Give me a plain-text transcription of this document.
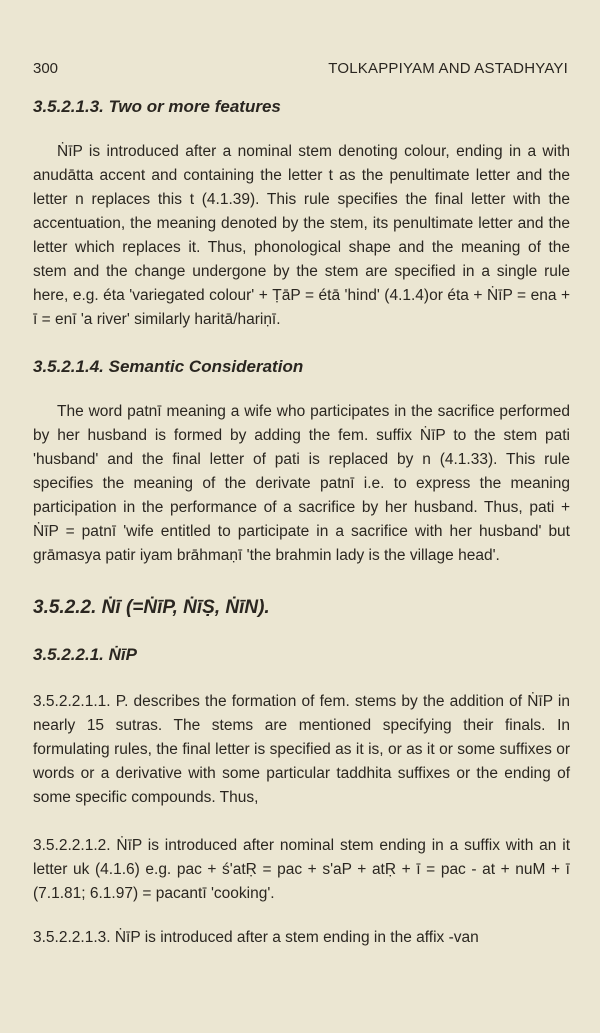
300	TOLKAPPIYAM AND ASTADHYAYI
3.5.2.1.3. Two or more features

ṄīP is introduced after a nominal stem denoting colour, ending in a with anudātta accent and containing the letter t as the penultimate letter and the letter n replaces this t (4.1.39). This rule specifies the final letter with the accentuation, the meaning denoted by the stem, its penultimate letter and the letter which replaces it. Thus, phonological shape and the meaning of the stem and the change undergone by the stem are specified in a single rule here, e.g. éta 'variegated colour' + ṬāP = étā 'hind' (4.1.4)or éta + ṄīP = ena + ī = enī 'a river' similarly haritā/hariṇī.

3.5.2.1.4. Semantic Consideration

The word patnī meaning a wife who participates in the sacrifice performed by her husband is formed by adding the fem. suffix ṄīP to the stem pati 'husband' and the final letter of pati is replaced by n (4.1.33). This rule specifies the meaning of the derivate patnī i.e. to express the meaning participation in the performance of a sacrifice by her husband. Thus, pati + ṄīP = patnī 'wife entitled to participate in a sacrifice with her husband' but grāmasya patir iyam brāhmaṇī 'the brahmin lady is the village head'.

3.5.2.2. Ṅī (=ṄīP, ṄīṢ, ṄīN).
3.5.2.2.1. ṄīP

3.5.2.2.1.1. P. describes the formation of fem. stems by the addition of ṄīP in nearly 15 sutras. The stems are mentioned specifying their finals. In formulating rules, the final letter is specified as it is, or as it or some suffixes or words or a derivative with some particular taddhita suffixes or the ending of some specific compounds. Thus,

3.5.2.2.1.2. ṄīP is introduced after nominal stem ending in a suffix with an it letter uk (4.1.6) e.g. pac + ś'atṚ = pac + s'aP + atṚ + ī = pac - at + nuM + ī (7.1.81; 6.1.97) = pacantī 'cooking'.

3.5.2.2.1.3. ṄīP is introduced after a stem ending in the affix -van
